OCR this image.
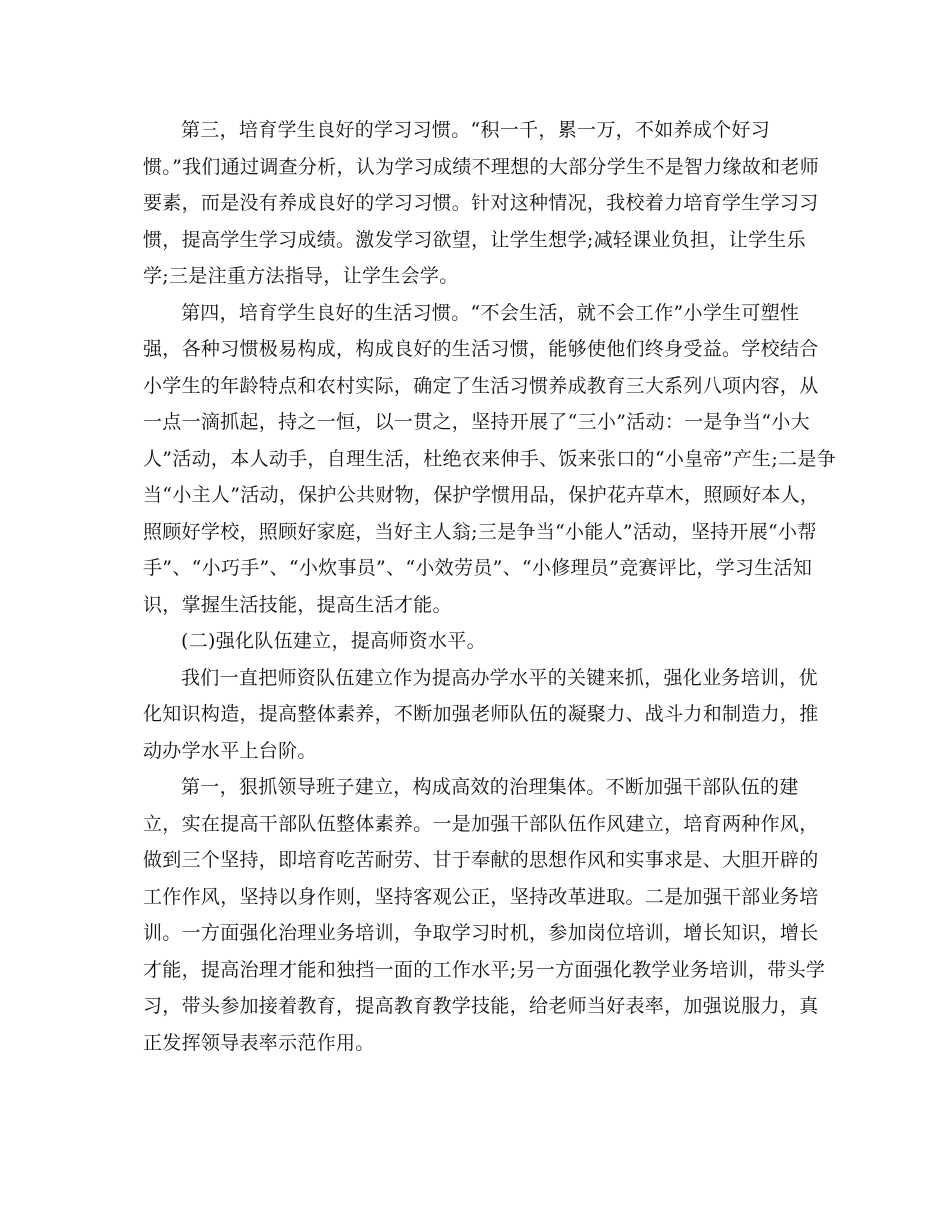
第三，培育学生良好的学习习惯。“积一千，累一万，不如养成个好习
惯。”我们通过调查分析，认为学习成绩不理想的大部分学生不是智力缘故和老师
要素，而是没有养成良好的学习习惯。针对这种情况，我校着力培育学生学习习
惯，提高学生学习成绩。激发学习欲望，让学生想学;减轻课业负担，让学生乐
学;三是注重方法指导，让学生会学。
第四，培育学生良好的生活习惯。“不会生活，就不会工作”小学生可塑性
强，各种习惯极易构成，构成良好的生活习惯，能够使他们终身受益。学校结合
小学生的年龄特点和农村实际，确定了生活习惯养成教育三大系列八项内容，从
一点一滴抓起，持之一恒，以一贯之，坚持开展了“三小”活动：一是争当“小大
人”活动，本人动手，自理生活，杜绝衣来伸手、饭来张口的“小皇帝”产生;二是争
当“小主人”活动，保护公共财物，保护学惯用品，保护花卉草木，照顾好本人，
照顾好学校，照顾好家庭，当好主人翁;三是争当“小能人”活动，坚持开展“小帮
手”、“小巧手”、“小炊事员”、“小效劳员”、“小修理员”竞赛评比，学习生活知
识，掌握生活技能，提高生活才能。
(二)强化队伍建立，提高师资水平。
我们一直把师资队伍建立作为提高办学水平的关键来抓，强化业务培训，优
化知识构造，提高整体素养，不断加强老师队伍的凝聚力、战斗力和制造力，推
动办学水平上台阶。
第一，狠抓领导班子建立，构成高效的治理集体。不断加强干部队伍的建
立，实在提高干部队伍整体素养。一是加强干部队伍作风建立，培育两种作风，
做到三个坚持，即培育吃苦耐劳、甘于奉献的思想作风和实事求是、大胆开辟的
工作作风，坚持以身作则，坚持客观公正，坚持改革进取。二是加强干部业务培
训。一方面强化治理业务培训，争取学习时机，参加岗位培训，增长知识，增长
才能，提高治理才能和独挡一面的工作水平;另一方面强化教学业务培训，带头学
习，带头参加接着教育，提高教育教学技能，给老师当好表率，加强说服力，真
正发挥领导表率示范作用。
